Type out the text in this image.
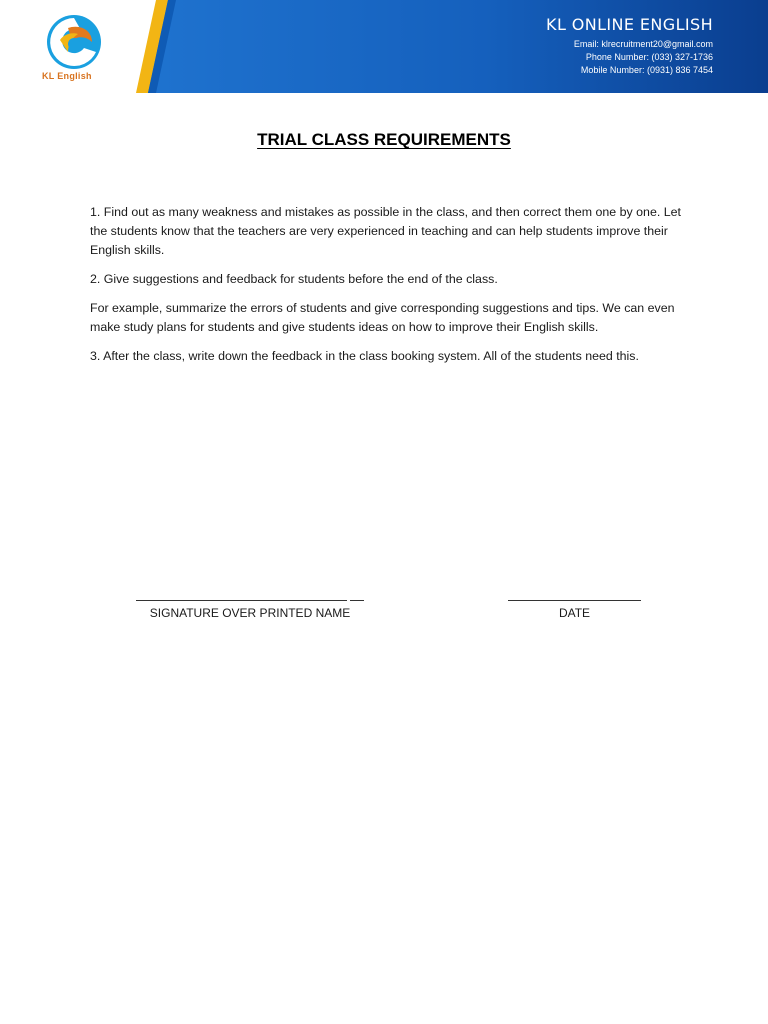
KL English
KL ONLINE ENGLISH
Email: klrecruitment20@gmail.com
Phone Number: (033) 327-1736
Mobile Number: (0931) 836 7454
TRIAL CLASS REQUIREMENTS

1. Find out as many weakness and mistakes as possible in the class, and then correct them one by one. Let the students know that the teachers are very experienced in teaching and can help students improve their English skills.

2. Give suggestions and feedback for students before the end of the class.

For example, summarize the errors of students and give corresponding suggestions and tips. We can even make study plans for students and give students ideas on how to improve their English skills.

3. After the class, write down the feedback in the class booking system. All of the students need this.

SIGNATURE OVER PRINTED NAME	DATE
